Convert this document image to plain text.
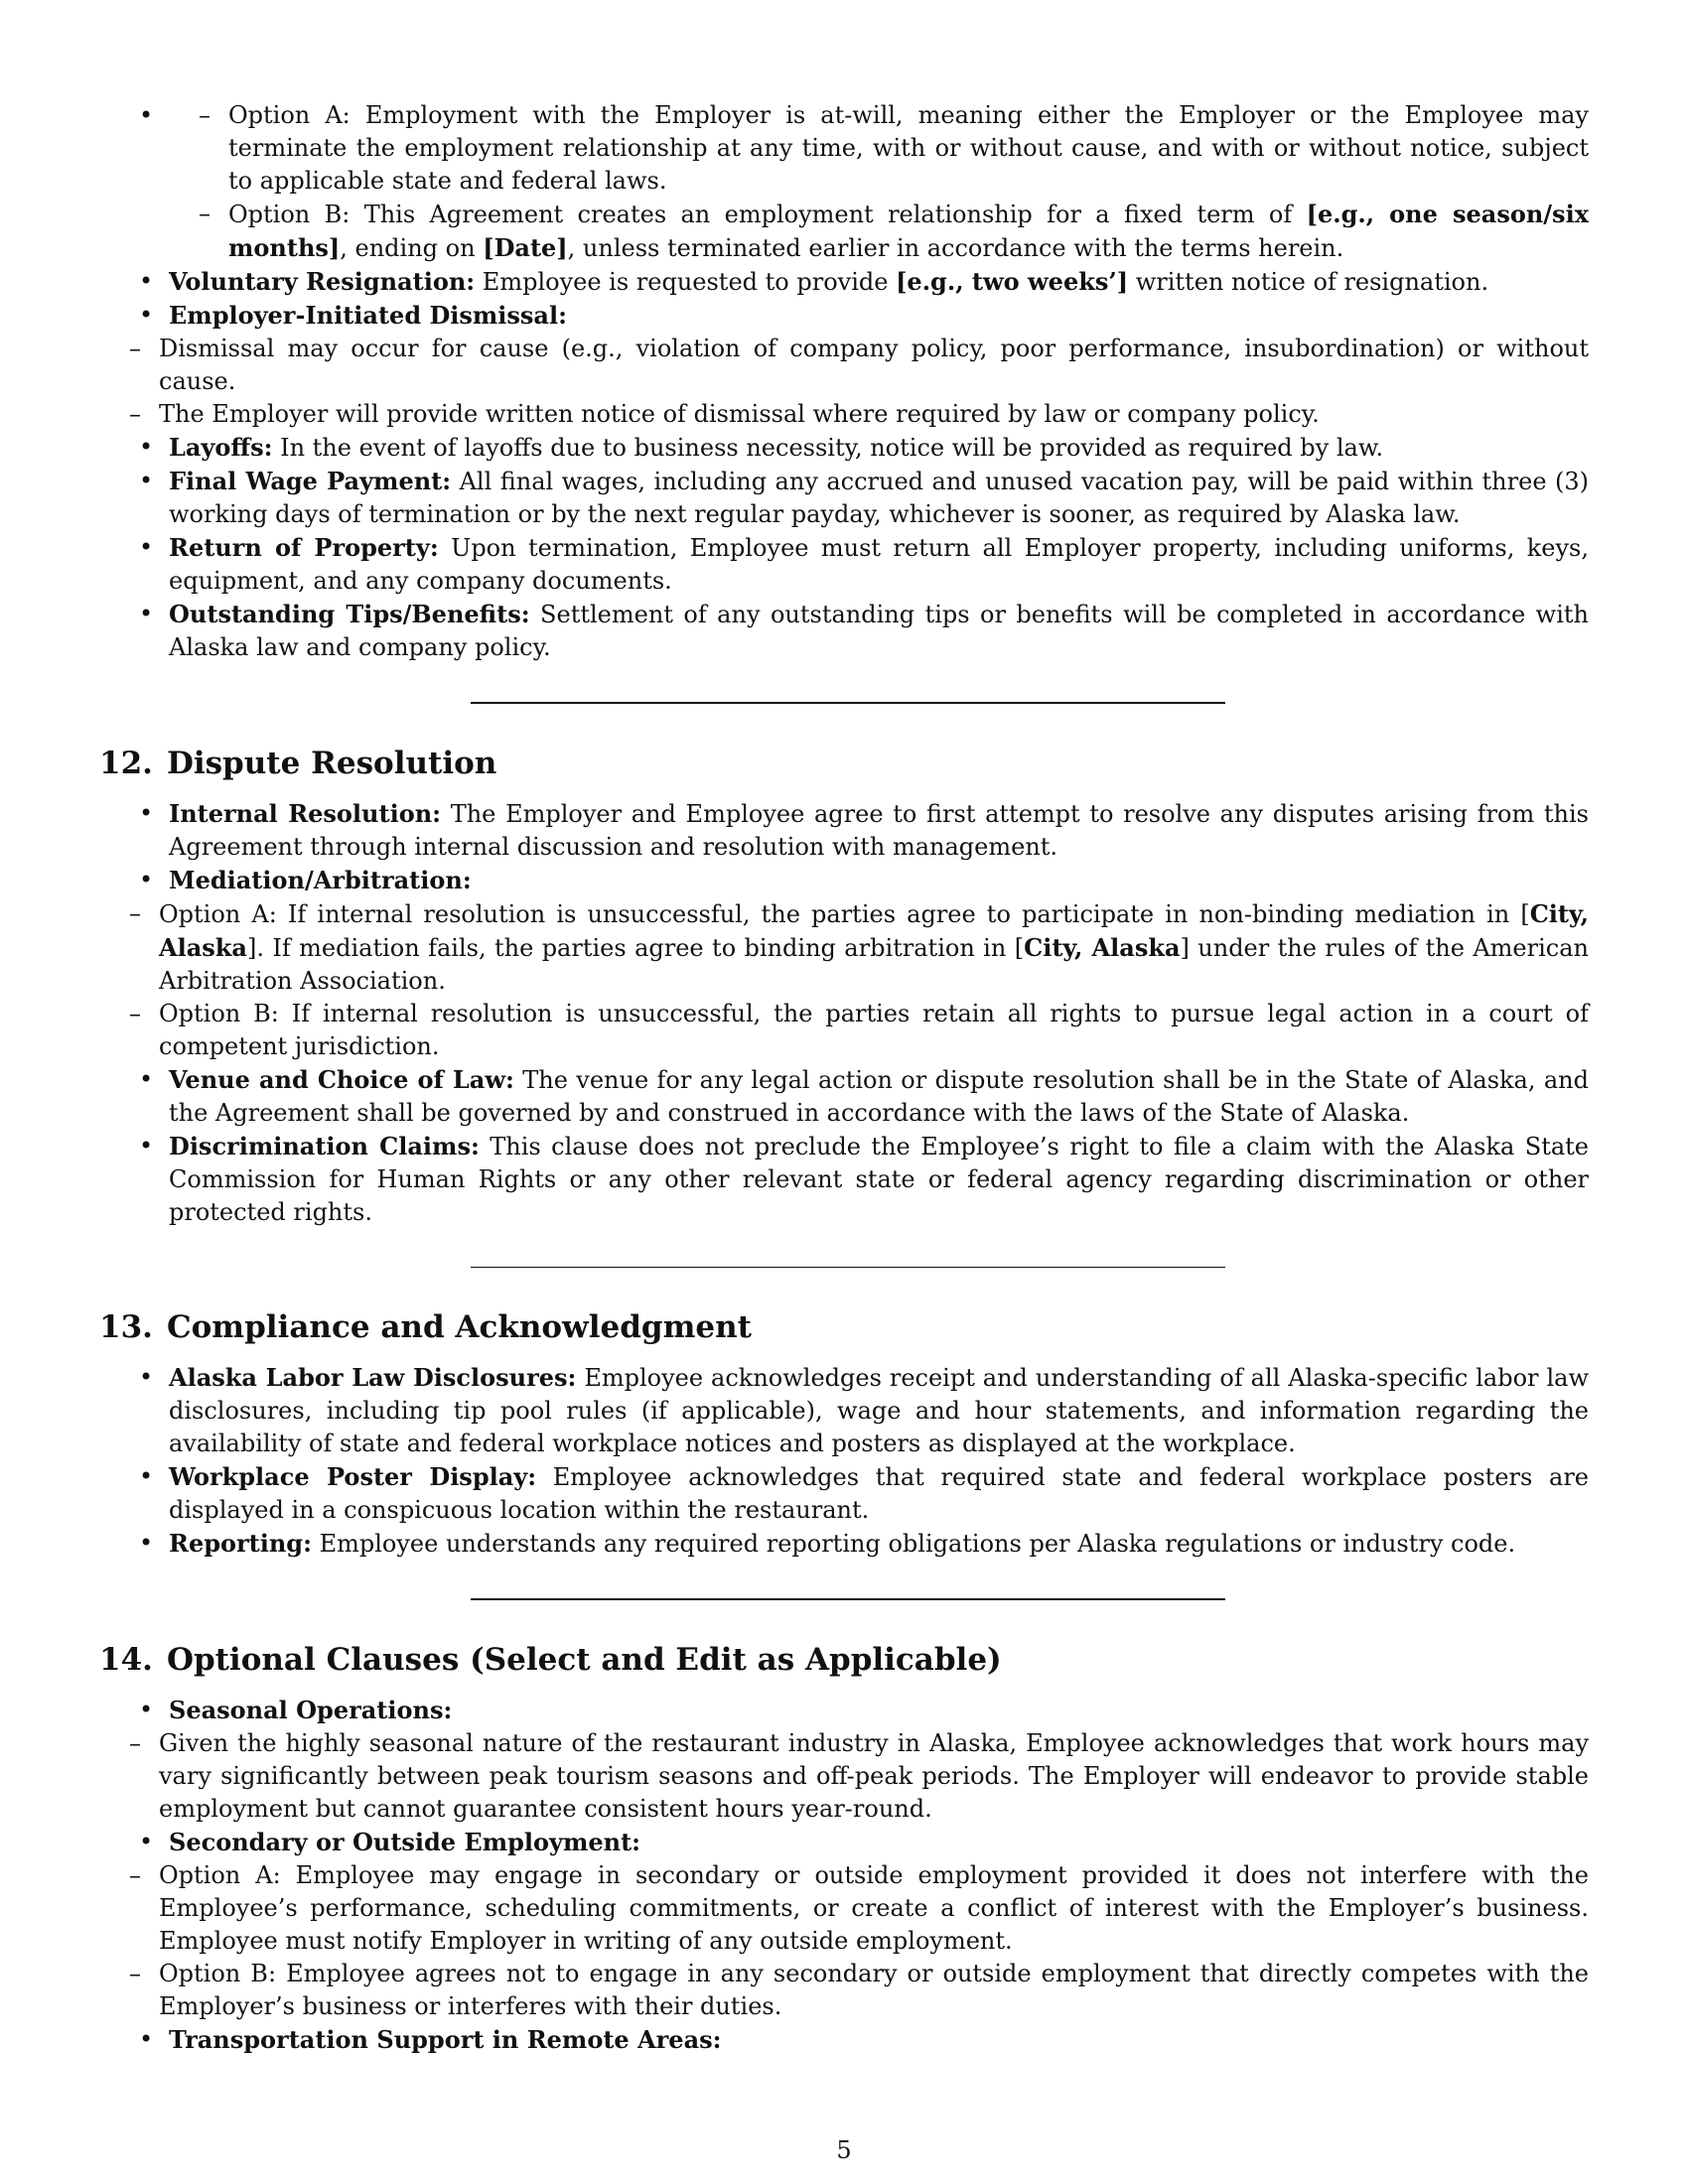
– • Option A: Employment with the Employer is at-will, meaning either the Employer or the Employee may terminate the employment relationship at any time, with or without cause, and with or without notice, subject to applicable state and federal laws.
– Option B: This Agreement creates an employment relationship for a fixed term of [e.g., one season/six months], ending on [Date], unless terminated earlier in accordance with the terms herein.
• Voluntary Resignation: Employee is requested to provide [e.g., two weeks’] written notice of resignation.
• Employer-Initiated Dismissal:
– Dismissal may occur for cause (e.g., violation of company policy, poor performance, insubordination) or without cause.
– The Employer will provide written notice of dismissal where required by law or company policy.
• Layoffs: In the event of layoffs due to business necessity, notice will be provided as required by law.
• Final Wage Payment: All final wages, including any accrued and unused vacation pay, will be paid within three (3) working days of termination or by the next regular payday, whichever is sooner, as required by Alaska law.
• Return of Property: Upon termination, Employee must return all Employer property, including uniforms, keys, equipment, and any company documents.
• Outstanding Tips/Benefits: Settlement of any outstanding tips or benefits will be completed in accordance with Alaska law and company policy.
12. Dispute Resolution
• Internal Resolution: The Employer and Employee agree to first attempt to resolve any disputes arising from this Agreement through internal discussion and resolution with management.
• Mediation/Arbitration:
– Option A: If internal resolution is unsuccessful, the parties agree to participate in non-binding mediation in [City, Alaska]. If mediation fails, the parties agree to binding arbitration in [City, Alaska] under the rules of the American Arbitration Association.
– Option B: If internal resolution is unsuccessful, the parties retain all rights to pursue legal action in a court of competent jurisdiction.
• Venue and Choice of Law: The venue for any legal action or dispute resolution shall be in the State of Alaska, and the Agreement shall be governed by and construed in accordance with the laws of the State of Alaska.
• Discrimination Claims: This clause does not preclude the Employee’s right to file a claim with the Alaska State Commission for Human Rights or any other relevant state or federal agency regarding discrimination or other protected rights.
13. Compliance and Acknowledgment
• Alaska Labor Law Disclosures: Employee acknowledges receipt and understanding of all Alaska-specific labor law disclosures, including tip pool rules (if applicable), wage and hour statements, and information regarding the availability of state and federal workplace notices and posters as displayed at the workplace.
• Workplace Poster Display: Employee acknowledges that required state and federal workplace posters are displayed in a conspicuous location within the restaurant.
• Reporting: Employee understands any required reporting obligations per Alaska regulations or industry code.
14. Optional Clauses (Select and Edit as Applicable)
• Seasonal Operations:
– Given the highly seasonal nature of the restaurant industry in Alaska, Employee acknowledges that work hours may vary significantly between peak tourism seasons and off-peak periods. The Employer will endeavor to provide stable employment but cannot guarantee consistent hours year-round.
• Secondary or Outside Employment:
– Option A: Employee may engage in secondary or outside employment provided it does not interfere with the Employee’s performance, scheduling commitments, or create a conflict of interest with the Employer’s business. Employee must notify Employer in writing of any outside employment.
– Option B: Employee agrees not to engage in any secondary or outside employment that directly competes with the Employer’s business or interferes with their duties.
• Transportation Support in Remote Areas:
5
